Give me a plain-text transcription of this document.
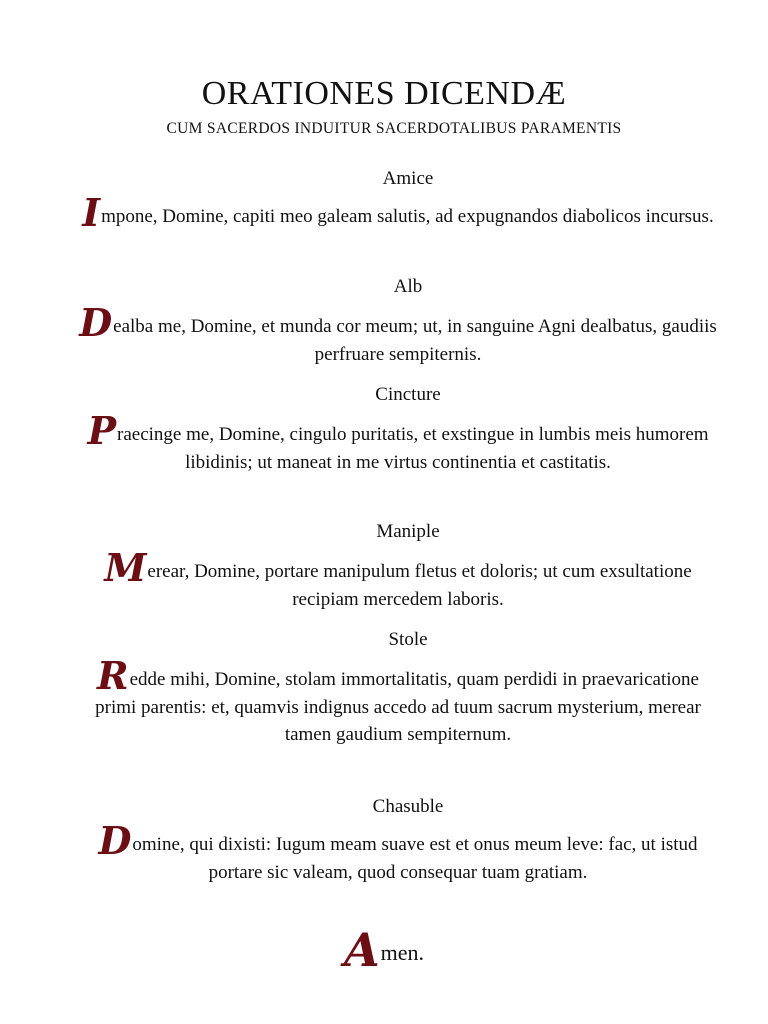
ORATIONES DICENDÆ
CUM SACERDOS INDUITUR SACERDOTALIBUS PARAMENTIS
Amice
Impone, Domine, capiti meo galeam salutis, ad expugnandos diabolicos incursus.
Alb
Dealba me, Domine, et munda cor meum; ut, in sanguine Agni dealbatus, gaudiis perfruare sempiternis.
Cincture
Praecinge me, Domine, cingulo puritatis, et exstingue in lumbis meis humorem libidinis; ut maneat in me virtus continentia et castitatis.
Maniple
Merear, Domine, portare manipulum fletus et doloris; ut cum exsultatione recipiam mercedem laboris.
Stole
Redde mihi, Domine, stolam immortalitatis, quam perdidi in praevaricatione primi parentis: et, quamvis indignus accedo ad tuum sacrum mysterium, merear tamen gaudium sempiternum.
Chasuble
Domine, qui dixisti: Iugum meam suave est et onus meum leve: fac, ut istud portare sic valeam, quod consequar tuam gratiam.
Amen.
